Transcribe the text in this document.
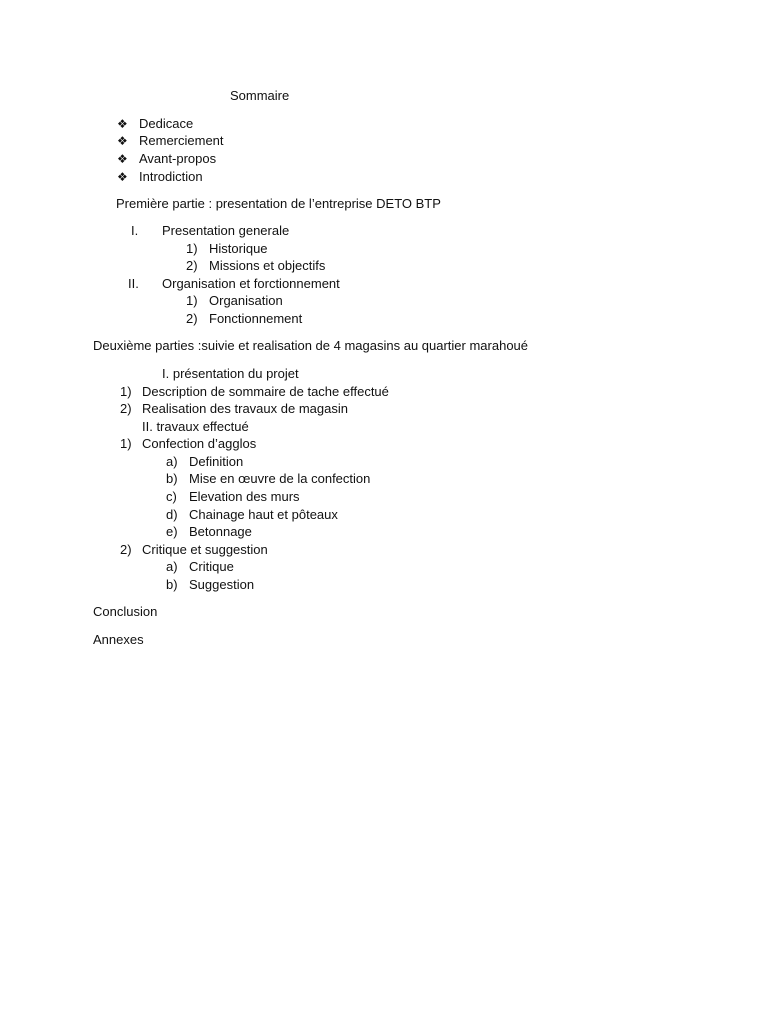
Sommaire
❖ Dedicace
❖ Remerciement
❖ Avant-propos
❖ Introdiction
Première partie : presentation de l’entreprise DETO BTP
I. Presentation generale
1) Historique
2) Missions et objectifs
II. Organisation et forctionnement
1) Organisation
2) Fonctionnement
Deuxième parties :suivie et realisation de 4 magasins au quartier marahoué
I. présentation du projet
1) Description de sommaire de tache effectué
2) Realisation des travaux de magasin
II. travaux effectué
1) Confection d’agglos
a) Definition
b) Mise en œuvre de la confection
c) Elevation des murs
d) Chainage haut et pôteaux
e) Betonnage
2) Critique et suggestion
a) Critique
b) Suggestion
Conclusion
Annexes
